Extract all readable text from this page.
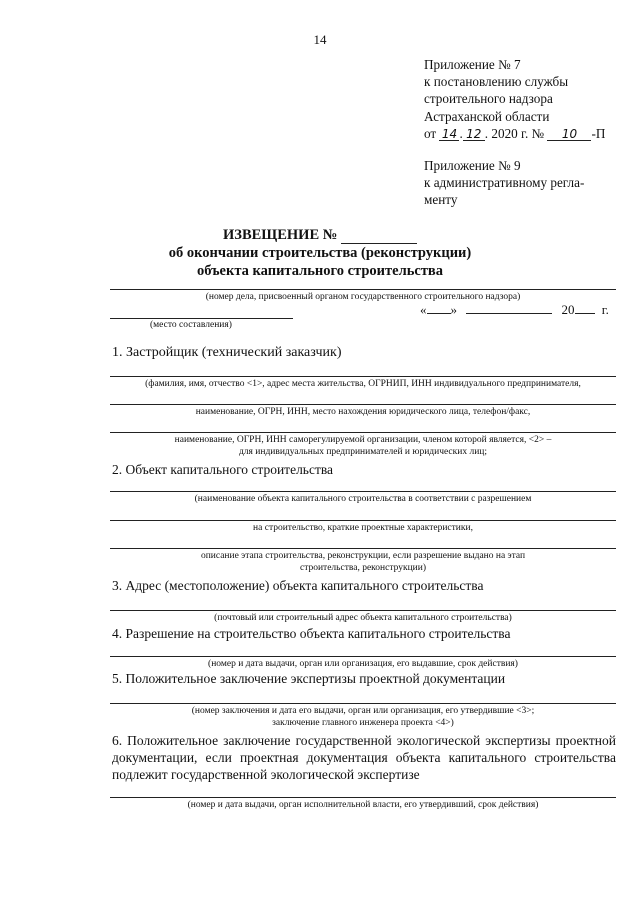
14
Приложение № 7
к постановлению службы
строительного надзора
Астраханской области
от 14 . 12 . 2020 г. № 10 -П
Приложение № 9
к административному регла-
менту
ИЗВЕЩЕНИЕ №
об окончании строительства (реконструкции)
объекта капитального строительства
(номер дела, присвоенный органом государственного строительного надзора)
(место составления)
« »	20 г.
1. Застройщик (технический заказчик)
(фамилия, имя, отчество <1>, адрес места жительства, ОГРНИП, ИНН индивидуального предпринимателя,
наименование, ОГРН, ИНН, место нахождения юридического лица, телефон/факс,
наименование, ОГРН, ИНН саморегулируемой организации, членом которой является, <2> –
для индивидуальных предпринимателей и юридических лиц;
2. Объект капитального строительства
(наименование объекта капитального строительства в соответствии с разрешением
на строительство, краткие проектные характеристики,
описание этапа строительства, реконструкции, если разрешение выдано на этап
строительства, реконструкции)
3. Адрес (местоположение) объекта капитального строительства
(почтовый или строительный адрес объекта капитального строительства)
4. Разрешение на строительство объекта капитального строительства
(номер и дата выдачи, орган или организация, его выдавшие, срок действия)
5. Положительное заключение экспертизы проектной документации
(номер заключения и дата его выдачи, орган или организация, его утвердившие <3>;
заключение главного инженера проекта <4>)
6. Положительное заключение государственной экологической экспертизы проектной документации, если проектная документация объекта капитального строительства подлежит государственной экологической экспертизе
(номер и дата выдачи, орган исполнительной власти, его утвердивший, срок действия)
